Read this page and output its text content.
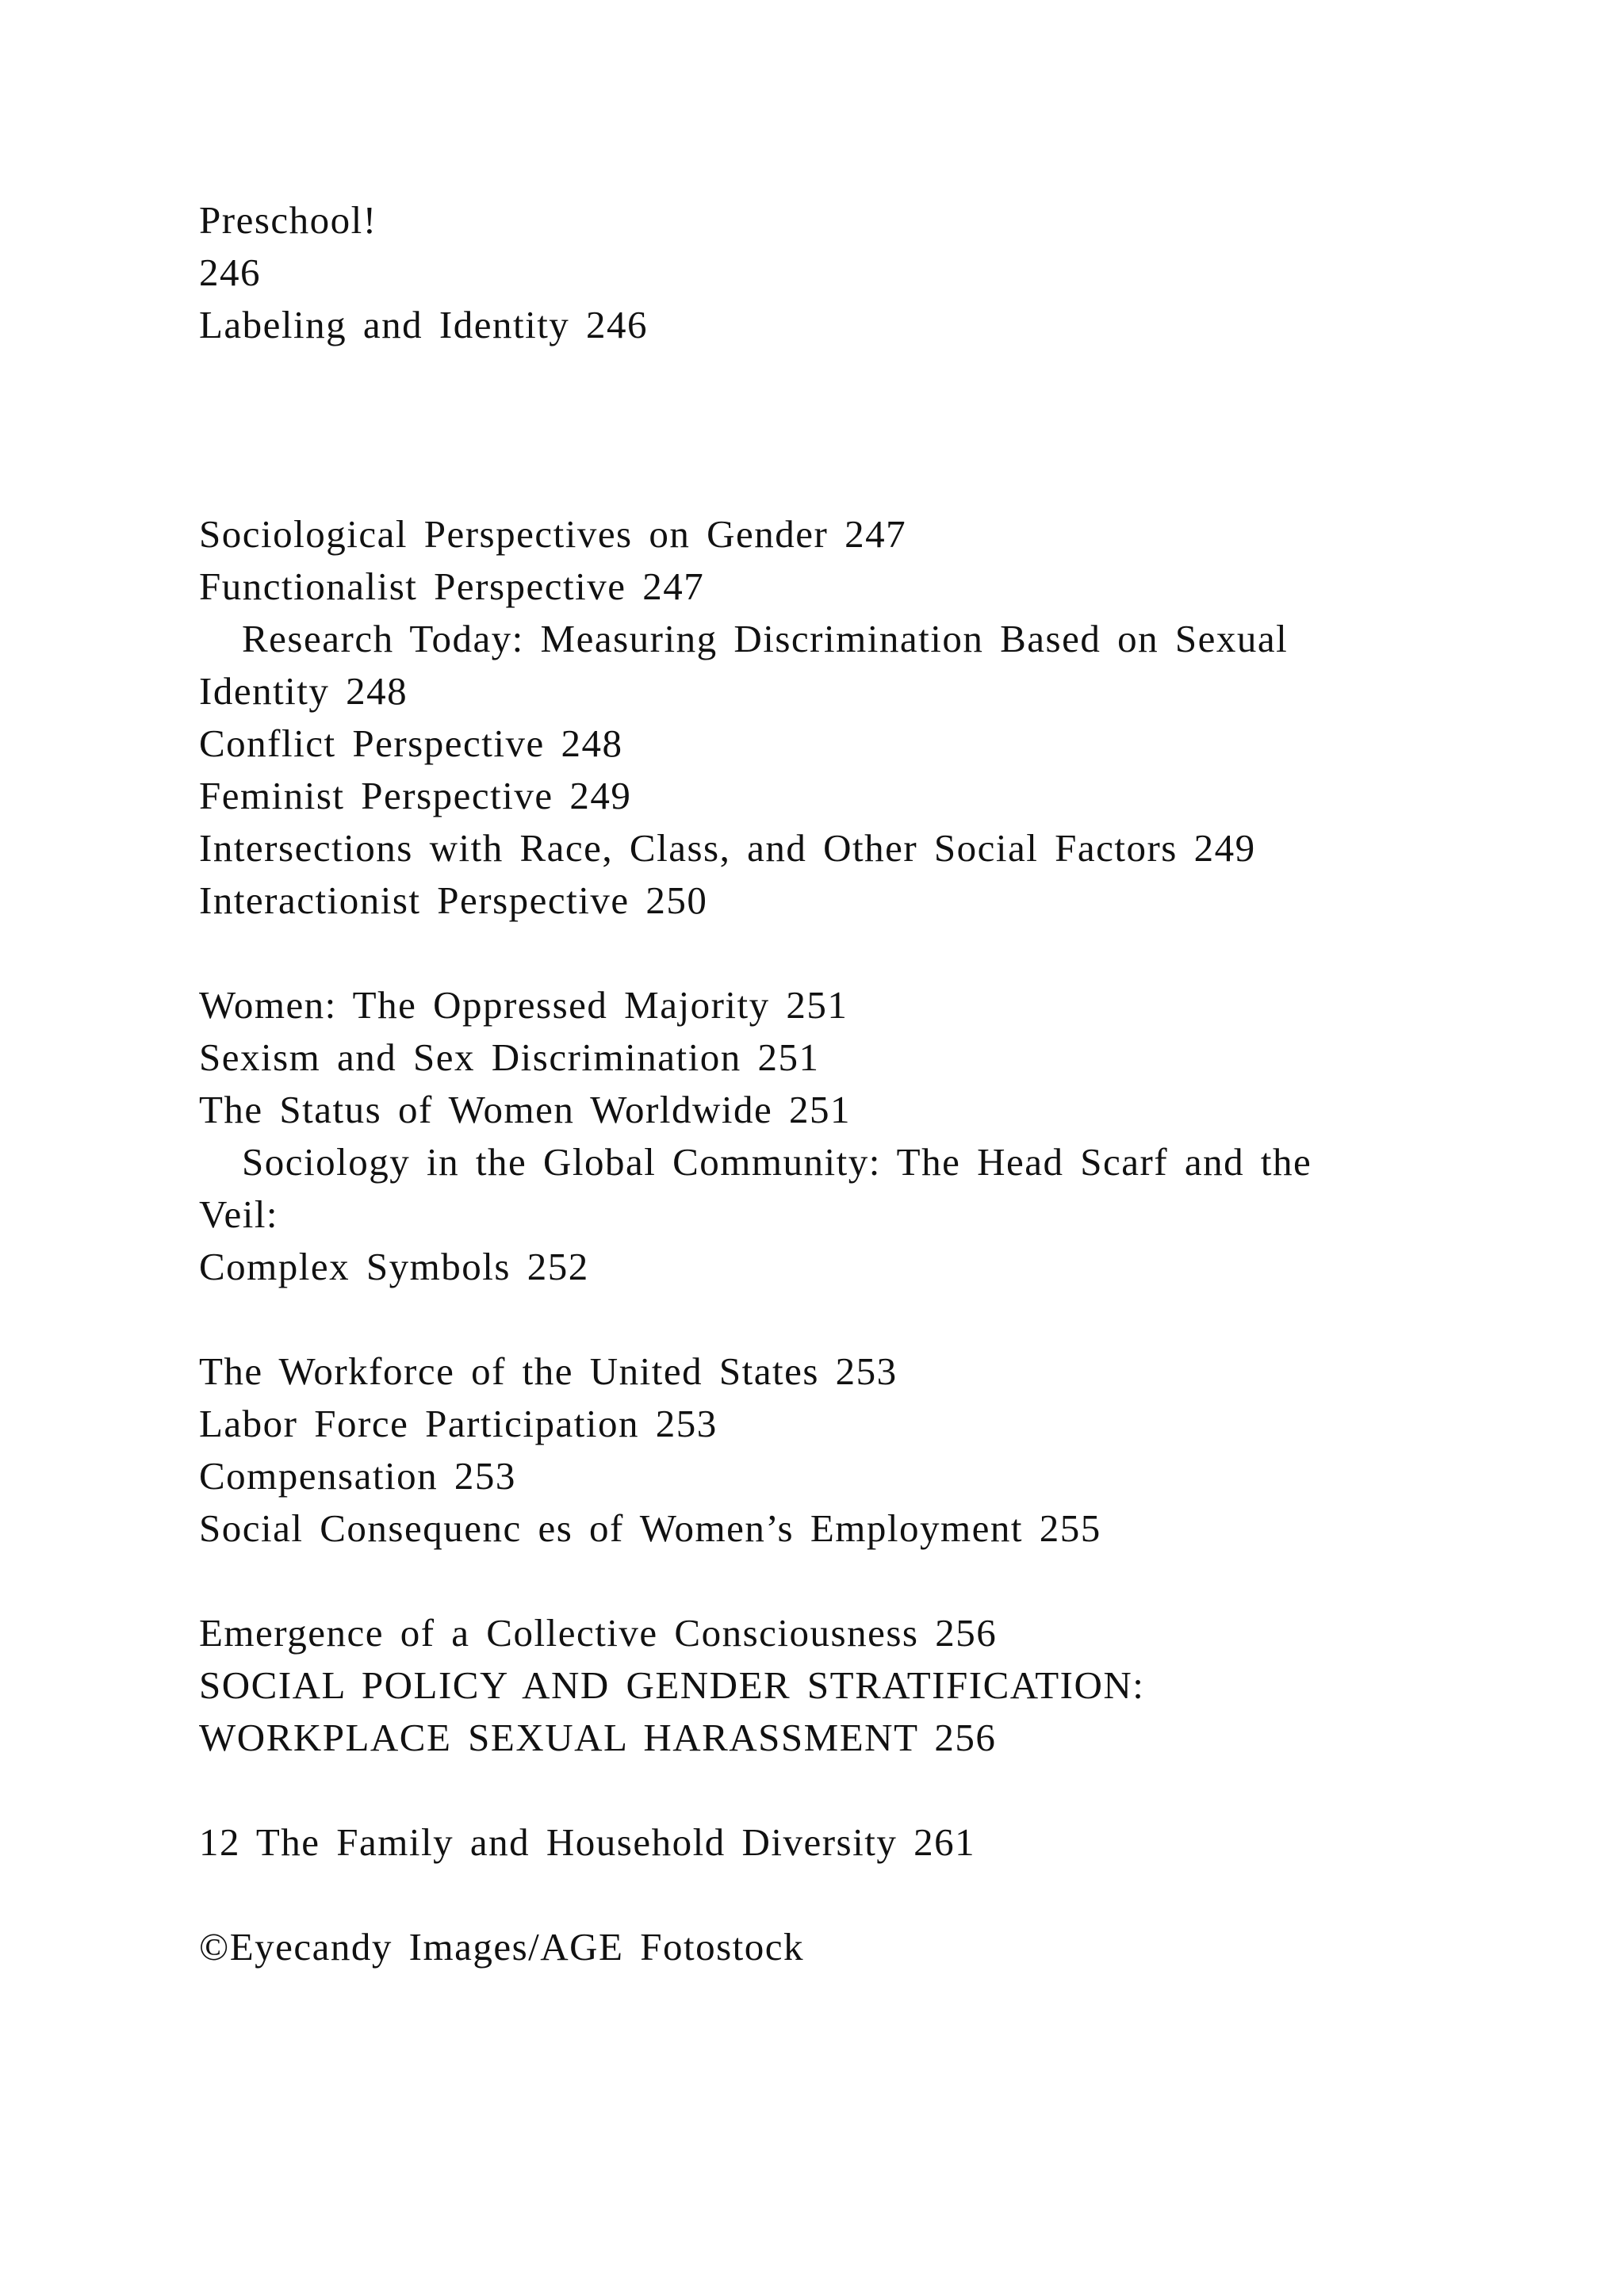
Preschool!

246

Labeling and Identity 246

Sociological Perspectives on Gender 247

Functionalist Perspective 247

Research Today: Measuring Discrimination Based on Sexual

Identity 248

Conflict Perspective 248

Feminist Perspective 249

Intersections with Race, Class, and Other Social Factors 249

Interactionist Perspective 250

Women: The Oppressed Majority 251

Sexism and Sex Discrimination 251

The Status of Women Worldwide 251

Sociology in the Global Community: The Head Scarf and the

Veil:

Complex Symbols 252

The Workforce of the United States 253

Labor Force Participation 253

Compensation 253

Social Consequenc es of Women’s Employment 255

Emergence of a Collective Consciousness 256

SOCIAL POLICY AND GENDER STRATIFICATION:

WORKPLACE SEXUAL HARASSMENT 256

12 The Family and Household Diversity 261

©Eyecandy Images/AGE Fotostock
